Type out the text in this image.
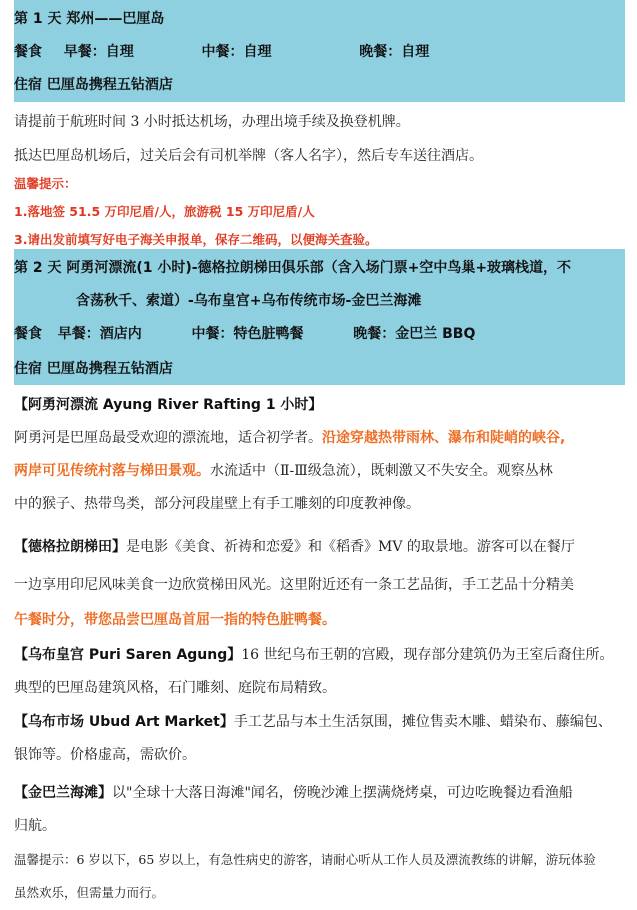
第 1 天 郑州——巴厘岛
餐食 早餐：自理	中餐：自理	晚餐：自理
住宿 巴厘岛携程五钻酒店
请提前于航班时间 3 小时抵达机场，办理出境手续及换登机牌。
抵达巴厘岛机场后，过关后会有司机举牌（客人名字），然后专车送往酒店。
温馨提示：
1.落地签 51.5 万印尼盾/人，旅游税 15 万印尼盾/人
3.请出发前填写好电子海关申报单，保存二维码，以便海关查验。
第 2 天 阿勇河漂流(1 小时)-德格拉朗梯田俱乐部（含入场门票+空中鸟巢+玻璃栈道，不
含荡秋千、索道）-乌布皇宫+乌布传统市场-金巴兰海滩
餐食 早餐：酒店内	中餐：特色脏鸭餐	晚餐：金巴兰 BBQ
住宿 巴厘岛携程五钻酒店
【阿勇河漂流 Ayung River Rafting 1 小时】
阿勇河是巴厘岛最受欢迎的漂流地，适合初学者。沿途穿越热带雨林、瀑布和陡峭的峡谷,
两岸可见传统村落与梯田景观。水流适中（Ⅱ-Ⅲ级急流），既刺激又不失安全。观察丛林
中的猴子、热带鸟类，部分河段崖壁上有手工雕刻的印度教神像。
【德格拉朗梯田】是电影《美食、祈祷和恋爱》和《稻香》MV 的取景地。游客可以在餐厅
一边享用印尼风味美食一边欣赏梯田风光。这里附近还有一条工艺品街，手工艺品十分精美
午餐时分，带您品尝巴厘岛首屈一指的特色脏鸭餐。
【乌布皇宫 Puri Saren Agung】16 世纪乌布王朝的宫殿，现存部分建筑仍为王室后裔住所。
典型的巴厘岛建筑风格，石门雕刻、庭院布局精致。
【乌布市场 Ubud Art Market】手工艺品与本土生活氛围，摊位售卖木雕、蜡染布、藤编包、
银饰等。价格虚高，需砍价。
【金巴兰海滩】以"全球十大落日海滩"闻名，傍晚沙滩上摆满烧烤桌，可边吃晚餐边看渔船
归航。
温馨提示：6 岁以下，65 岁以上，有急性病史的游客，请耐心听从工作人员及漂流教练的讲解，游玩体验
虽然欢乐，但需量力而行。
